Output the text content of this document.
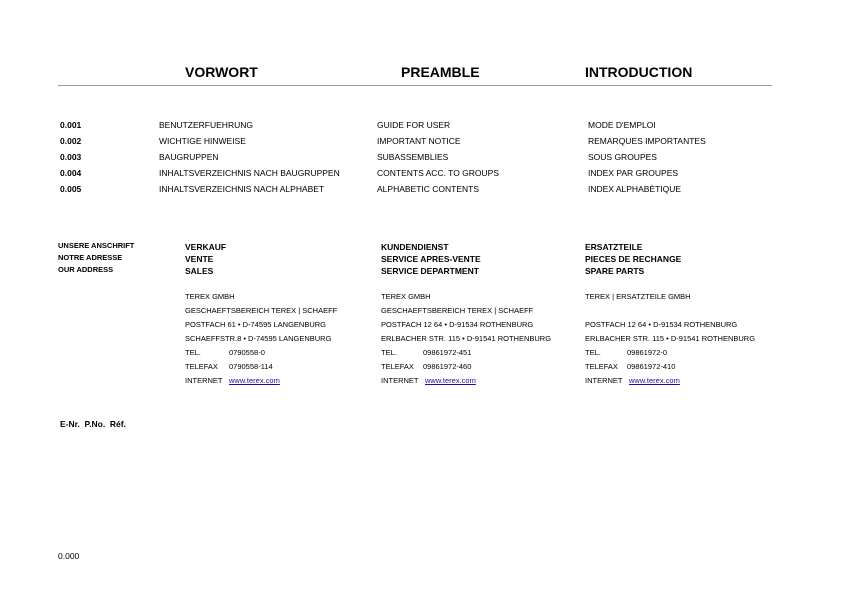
VORWORT	PREAMBLE	INTRODUCTION
0.001	BENUTZERFUEHRUNG	GUIDE FOR USER	MODE D'EMPLOI
0.002	WICHTIGE HINWEISE	IMPORTANT NOTICE	REMARQUES IMPORTANTES
0.003	BAUGRUPPEN	SUBASSEMBLIES	SOUS GROUPES
0.004	INHALTSVERZEICHNIS NACH BAUGRUPPEN	CONTENTS ACC. TO GROUPS	INDEX PAR GROUPES
0.005	INHALTSVERZEICHNIS NACH ALPHABET	ALPHABETIC CONTENTS	INDEX ALPHABÈTIQUE
UNSERE ANSCHRIFT
NOTRE ADRESSE
OUR ADDRESS
VERKAUF
VENTE
SALES
TEREX GMBH
GESCHAEFTSBEREICH TEREX | SCHAEFF
POSTFACH 61 • D-74595 LANGENBURG
SCHAEFFSTR.8 • D-74595 LANGENBURG
TEL.	0790558-0
TELEFAX 0790558-114
INTERNET www.terex.com
KUNDENDIENST
SERVICE APRES-VENTE
SERVICE DEPARTMENT
TEREX GMBH
GESCHAEFTSBEREICH TEREX | SCHAEFF
POSTFACH 12 64 • D-91534 ROTHENBURG
ERLBACHER STR. 115 • D-91541 ROTHENBURG
TEL.	09861972-451
TELEFAX 09861972-460
INTERNET www.terex.com
ERSATZTEILE
PIECES DE RECHANGE
SPARE PARTS
TEREX | ERSATZTEILE GMBH
POSTFACH 12 64 • D-91534 ROTHENBURG
ERLBACHER STR. 115 • D-91541 ROTHENBURG
TEL.	09861972-0
TELEFAX 09861972-410
INTERNET www.terex.com
E-Nr.  P.No.  Réf.
0.000
